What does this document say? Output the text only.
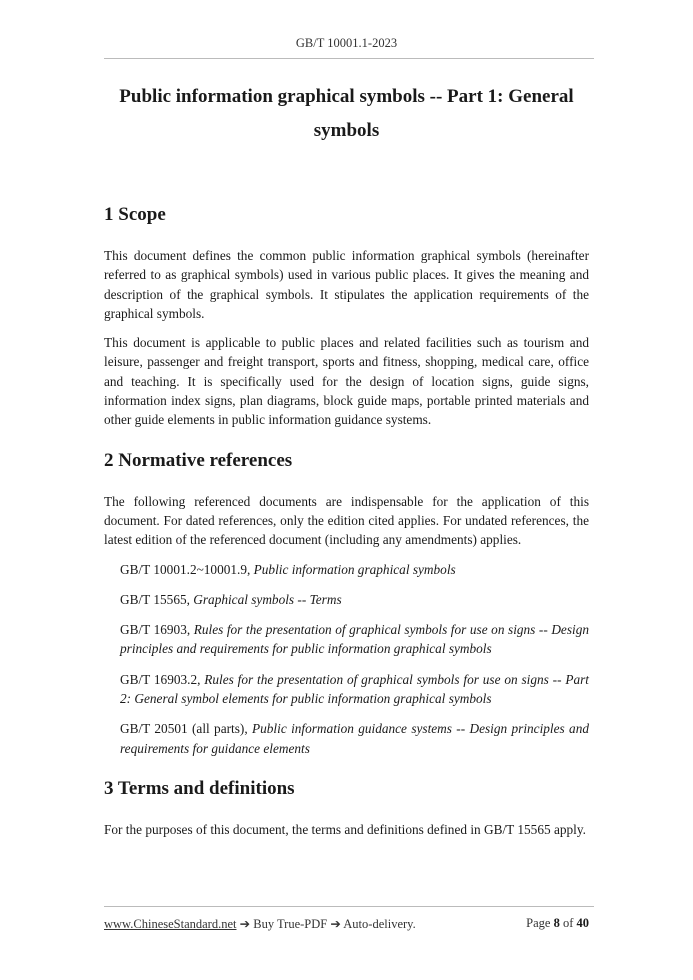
GB/T 10001.1-2023
Public information graphical symbols -- Part 1: General
symbols
1 Scope

This document defines the common public information graphical symbols (hereinafter referred to as graphical symbols) used in various public places. It gives the meaning and description of the graphical symbols. It stipulates the application requirements of the graphical symbols.

This document is applicable to public places and related facilities such as tourism and leisure, passenger and freight transport, sports and fitness, shopping, medical care, office and teaching. It is specifically used for the design of location signs, guide signs, information index signs, plan diagrams, block guide maps, portable printed materials and other guide elements in public information guidance systems.

2 Normative references

The following referenced documents are indispensable for the application of this document. For dated references, only the edition cited applies. For undated references, the latest edition of the referenced document (including any amendments) applies.

GB/T 10001.2~10001.9, Public information graphical symbols

GB/T 15565, Graphical symbols -- Terms

GB/T 16903, Rules for the presentation of graphical symbols for use on signs -- Design principles and requirements for public information graphical symbols

GB/T 16903.2, Rules for the presentation of graphical symbols for use on signs -- Part 2: General symbol elements for public information graphical symbols

GB/T 20501 (all parts), Public information guidance systems -- Design principles and requirements for guidance elements

3 Terms and definitions

For the purposes of this document, the terms and definitions defined in GB/T 15565 apply.

www.ChineseStandard.net ➔ Buy True-PDF ➔ Auto-delivery.	Page 8 of 40
